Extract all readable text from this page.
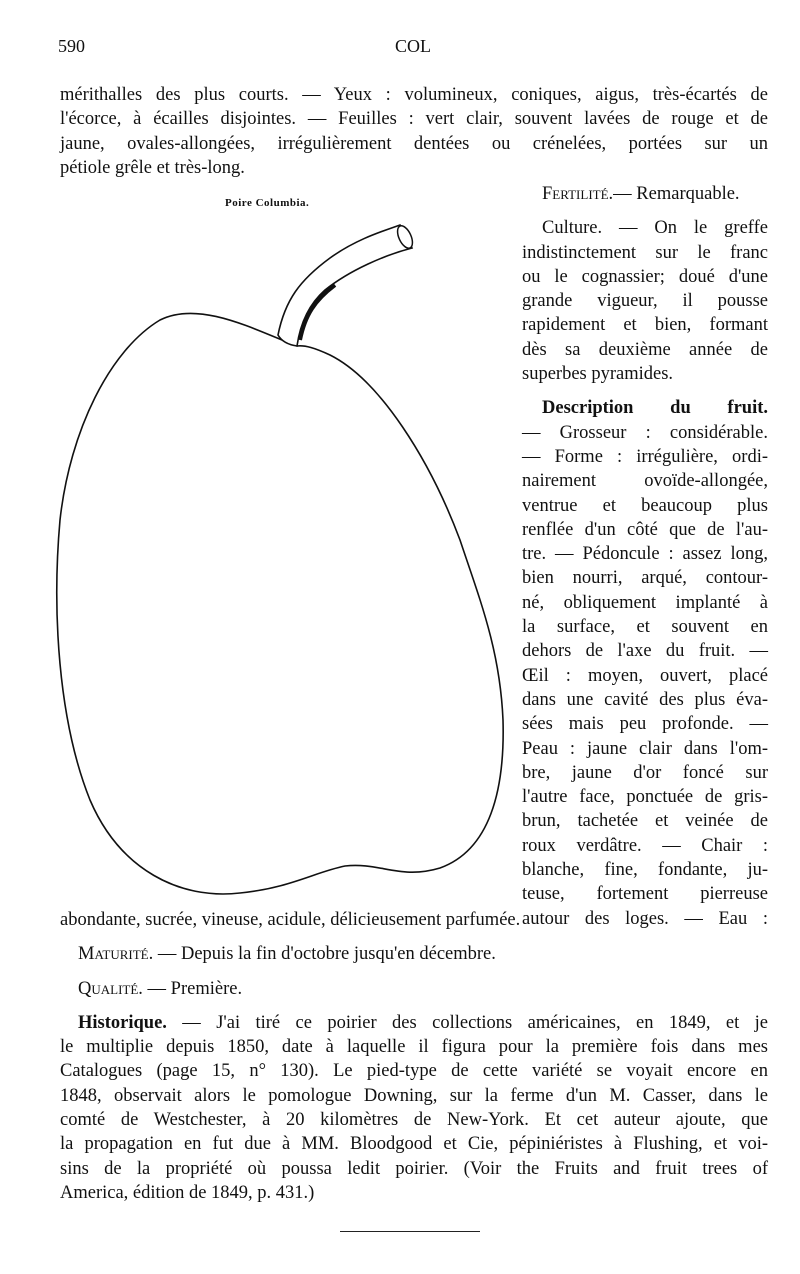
590	COL
mérithalles des plus courts. — Yeux : volumineux, coniques, aigus, très-écartés de
l'écorce, à écailles disjointes. — Feuilles : vert clair, souvent lavées de rouge et de
jaune, ovales-allongées, irrégulièrement dentées ou crénelées, portées sur un
pétiole grêle et très-long.
Poire Columbia.	Fertilité.— Remarquable.
Culture. — On le greffe
indistinctement sur le franc
ou le cognassier; doué d'une
grande vigueur, il pousse
rapidement et bien, formant
dès sa deuxième année de
superbes pyramides.
Description du fruit.
— Grosseur : considérable.
— Forme : irrégulière, ordi-
nairement ovoïde-allongée,
ventrue et beaucoup plus
renflée d'un côté que de l'au-
tre. — Pédoncule : assez long,
bien nourri, arqué, contour-
né, obliquement implanté à
la surface, et souvent en
dehors de l'axe du fruit. —
Œil : moyen, ouvert, placé
dans une cavité des plus éva-
sées mais peu profonde. —
Peau : jaune clair dans l'om-
bre, jaune d'or foncé sur
l'autre face, ponctuée de gris-
brun, tachetée et veinée de
roux verdâtre. — Chair :
blanche, fine, fondante, ju-
teuse, fortement pierreuse
autour des loges. — Eau :
abondante, sucrée, vineuse, acidule, délicieusement parfumée.
Maturité. — Depuis la fin d'octobre jusqu'en décembre.
Qualité. — Première.
Historique. — J'ai tiré ce poirier des collections américaines, en 1849, et je
le multiplie depuis 1850, date à laquelle il figura pour la première fois dans mes
Catalogues (page 15, n° 130). Le pied-type de cette variété se voyait encore en
1848, observait alors le pomologue Downing, sur la ferme d'un M. Casser, dans le
comté de Westchester, à 20 kilomètres de New-York. Et cet auteur ajoute, que
la propagation en fut due à MM. Bloodgood et Cie, pépiniéristes à Flushing, et voi-
sins de la propriété où poussa ledit poirier. (Voir the Fruits and fruit trees of
America, édition de 1849, p. 431.)
